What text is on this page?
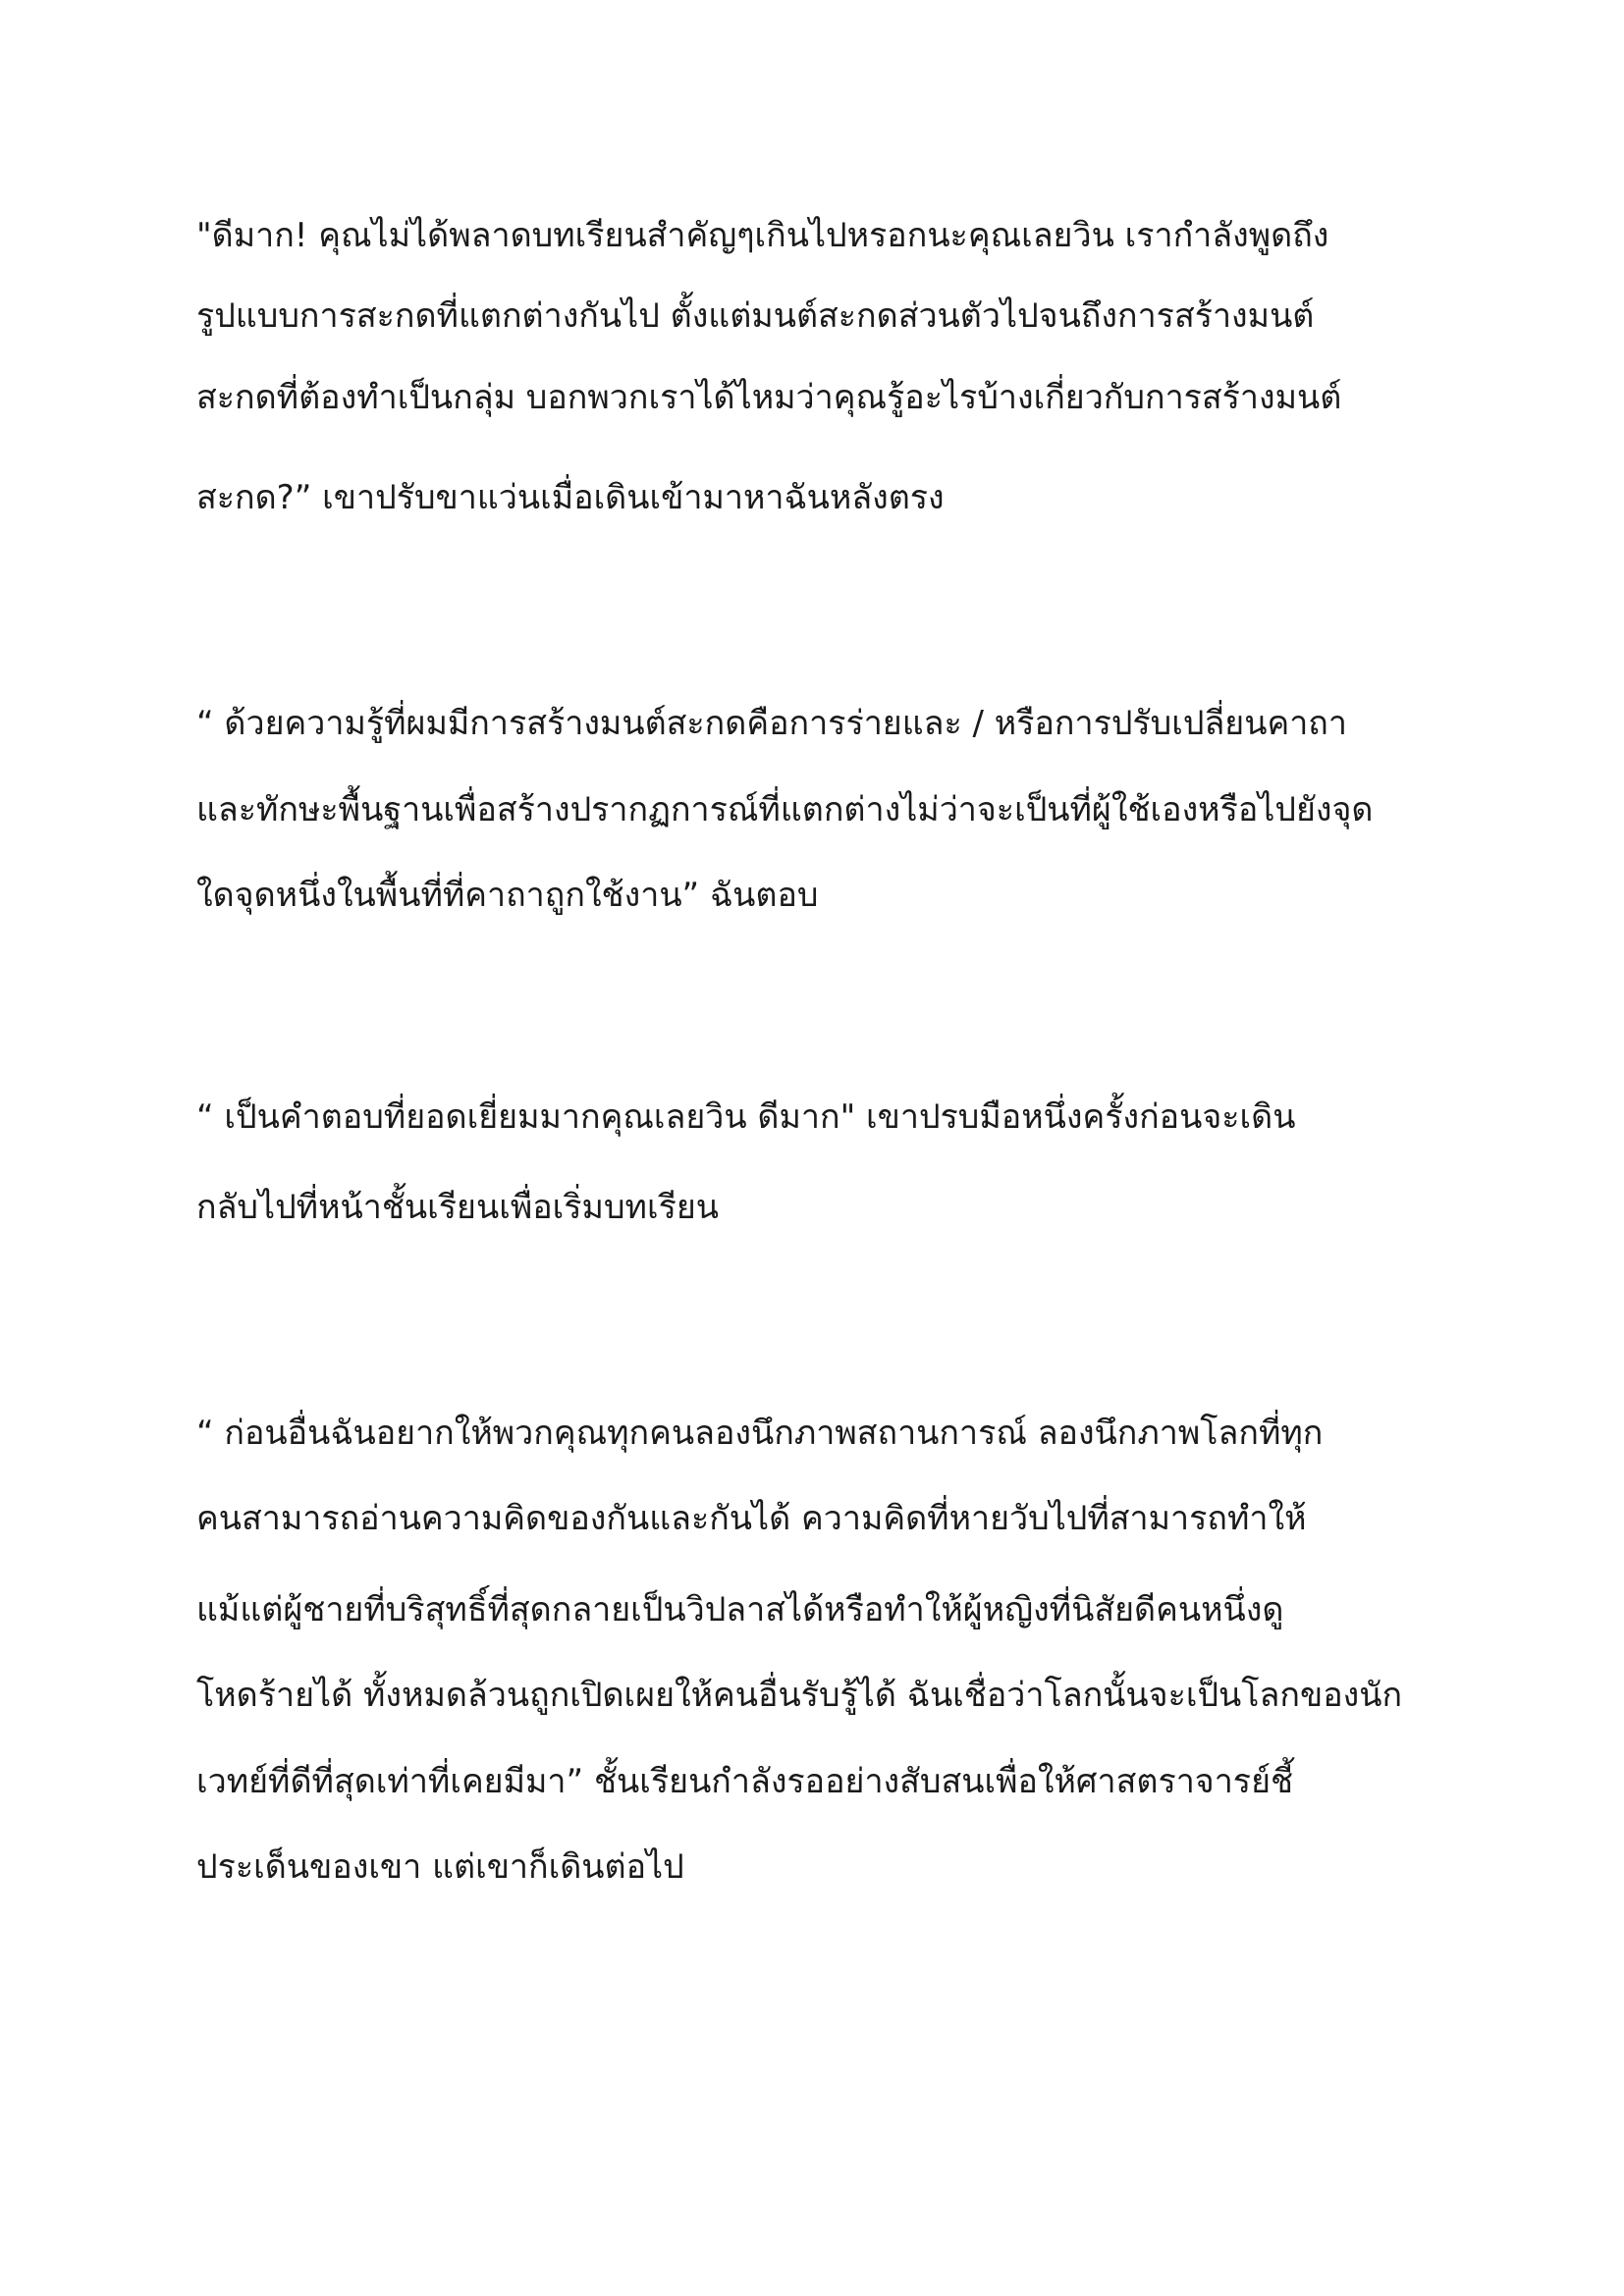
"ดีมาก! คุณไม่ได้พลาดบทเรียนสำคัญๆเกินไปหรอกนะคุณเลยวิน เรากำลังพูดถึง
รูปแบบการสะกดที่แตกต่างกันไป ตั้งแต่มนต์สะกดส่วนตัวไปจนถึงการสร้างมนต์
สะกดที่ต้องทำเป็นกลุ่ม บอกพวกเราได้ไหมว่าคุณรู้อะไรบ้างเกี่ยวกับการสร้างมนต์
สะกด?” เขาปรับขาแว่นเมื่อเดินเข้ามาหาฉันหลังตรง
“ ด้วยความรู้ที่ผมมีการสร้างมนต์สะกดคือการร่ายและ / หรือการปรับเปลี่ยนคาถา
และทักษะพื้นฐานเพื่อสร้างปรากฏการณ์ที่แตกต่างไม่ว่าจะเป็นที่ผู้ใช้เองหรือไปยังจุด
ใดจุดหนึ่งในพื้นที่ที่คาถาถูกใช้งาน” ฉันตอบ
“ เป็นคำตอบที่ยอดเยี่ยมมากคุณเลยวิน ดีมาก" เขาปรบมือหนึ่งครั้งก่อนจะเดิน
กลับไปที่หน้าชั้นเรียนเพื่อเริ่มบทเรียน
“ ก่อนอื่นฉันอยากให้พวกคุณทุกคนลองนึกภาพสถานการณ์ ลองนึกภาพโลกที่ทุก
คนสามารถอ่านความคิดของกันและกันได้ ความคิดที่หายวับไปที่สามารถทำให้
แม้แต่ผู้ชายที่บริสุทธิ์ที่สุดกลายเป็นวิปลาสได้หรือทำให้ผู้หญิงที่นิสัยดีคนหนึ่งดู
โหดร้ายได้ ทั้งหมดล้วนถูกเปิดเผยให้คนอื่นรับรู้ได้ ฉันเชื่อว่าโลกนั้นจะเป็นโลกของนัก
เวทย์ที่ดีที่สุดเท่าที่เคยมีมา” ชั้นเรียนกำลังรออย่างสับสนเพื่อให้ศาสตราจารย์ชี้
ประเด็นของเขา แต่เขาก็เดินต่อไป
